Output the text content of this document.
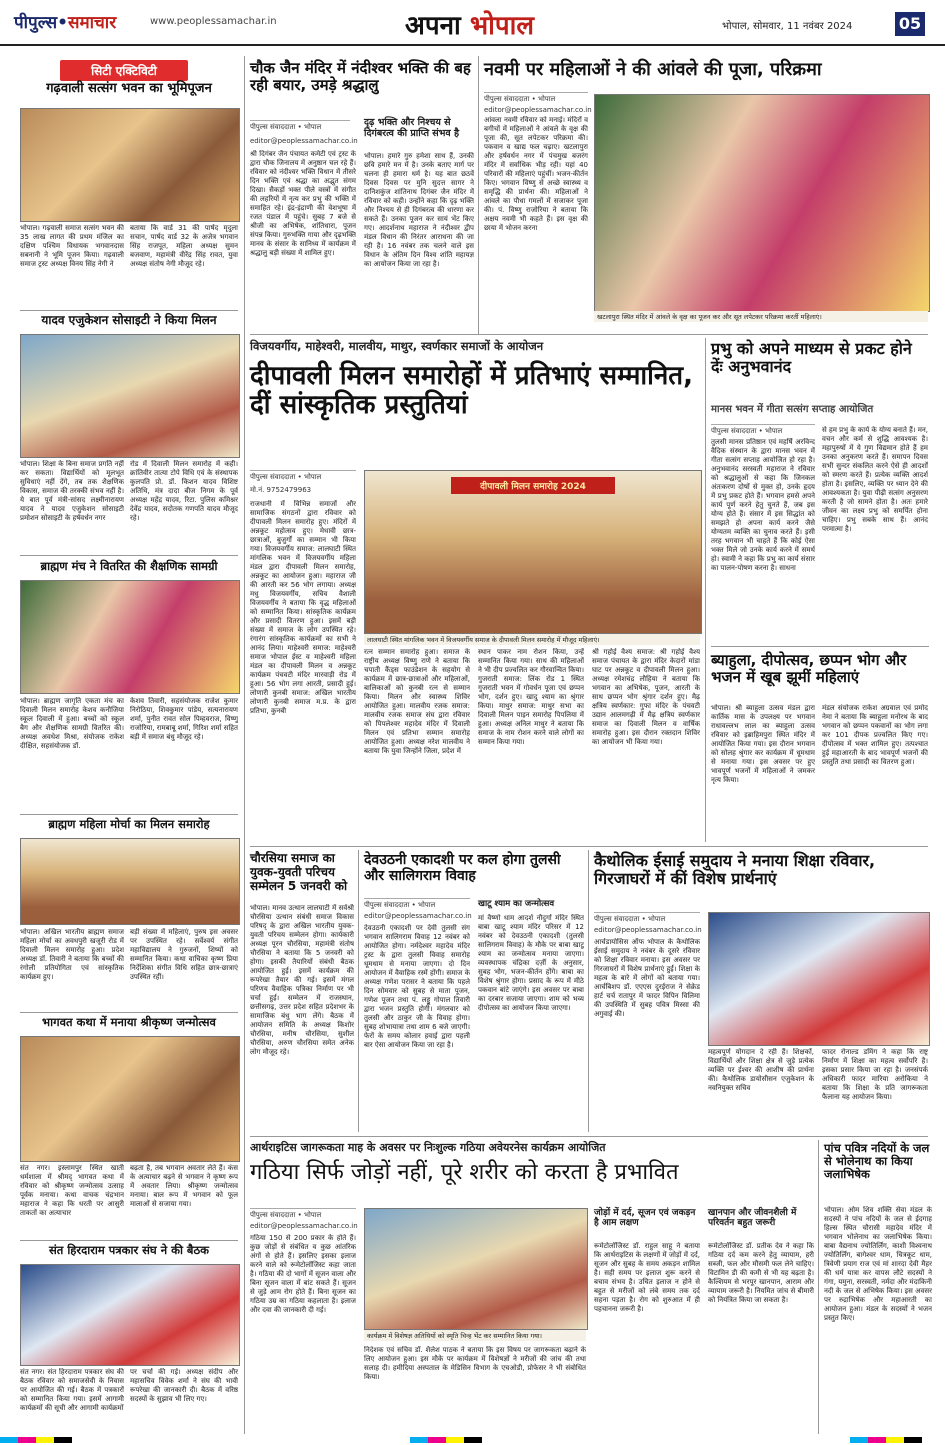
पीपुल्स•समाचार	www.peoplessamachar.in	अपना भोपाल	भोपाल, सोमवार, 11 नवंबर 2024	05
सिटी एक्टिविटी
गढ़वाली सत्संग भवन का भूमिपूजन
भोपाल। गढ़वाली समाज सत्संग भवन की 35 लाख लागत की प्रथम मंजिल का दक्षिण पश्चिम विधायक भगवानदास सबनानी ने भूमि पूजन किया। गढ़वाली समाज ट्रस्ट अध्यक्ष विनय सिंह नेगी ने
बताया कि वार्ड 31 की पार्षद मृदुला सचान, पार्षद वार्ड 32 के अजेत्र भगवान सिंह राजपूत, महिला अध्यक्ष सुमन बजवाण, महामंत्री वीरेंद्र सिंह रावत, युवा अध्यक्ष संतोष नेगी मौजूद रहे।
यादव एजुकेशन सोसाइटी ने किया मिलन
भोपाल। शिक्षा के बिना समाज प्रगति नहीं कर सकता। विद्यार्थियों को मूलभूत सुविधाएं नहीं देंगे, तब तक शैक्षणिक विकास, समाज की तरक्की संभव नहीं है। ये बात पूर्व मंत्री-सांसद लक्ष्मीनारायण यादव ने यादव एजुकेशन सोसाइटी प्रमोशन सोसाइटी के हर्षवर्धन नगर
रोड में दिवाली मिलन समारोह में कही। क्रांतिवीर तात्या टोपे विधि एवं के संस्थापक कुलपति प्रो. डॉ. किशन यादव विशिष्ट अतिथि, मंत्र दादा बीज निगम के पूर्व अध्यक्ष महेंद्र यादव, रिटा. पुलिस कमिश्नर देवेंद्र यादव, सदोतक गणपति यादव मौजूद रहे।
ब्राह्मण मंच ने वितरित की शैक्षणिक सामग्री
भोपाल। ब्राह्मण जागृति एकता मंच का दिवाली मिलन समारोह केशव कनौजिया स्कूल दिवाली में हुआ। बच्चों को स्कूल बैग और शैक्षणिक सामग्री वितरित की। अध्यक्ष अवधेश मिश्रा, संयोजक राकेश दीक्षित, सहसंयोजक डॉ.
केशव तिवारी, सहसंयोजक राजेश कुमार निरोठिया, शिवकुमार पांडेय, सत्यनारायण शर्मा, पुनीत रावत सोल पिम्हवराज, विष्णु राजोरिया, रामबाबू शर्मा, गिरिश शर्मा सहित बड़ी में समाज बंधु मौजूद रहे।
ब्राह्मण महिला मोर्चा का मिलन समारोह
भोपाल। अखिल भारतीय ब्राह्मण समाज महिला मोर्चा का अवधपुरी खजूरी रोड में दिवाली मिलन समारोह हुआ। प्रदेश अध्यक्ष डॉ. तिवारी ने बताया कि बच्चों की रंगोली प्रतियोगिता एवं सांस्कृतिक कार्यक्रम हुए।
बड़ी संख्या में महिलाएं, पुरुष इस अवसर पर उपस्थित रहे। सर्वेश्वर्य संगीत महाविद्यालय ने गुरुजनों, शिष्यों को सम्मानित किया। कथा वाचिका कृष्ण प्रिया निर्देशिका संगीत विधि सहित छात्र-छात्राएं उपस्थित रहीं।
भागवत कथा में मनाया श्रीकृष्ण जन्मोत्सव
संत नगर। इस्लामपुर स्थित खाती धर्मशाला में श्रीमद् भागवत कथा में रविवार को श्रीकृष्ण जन्मोत्सव उत्साह पूर्वक मनाया। कथा वाचक चंद्रभान महाराज ने कहा कि धरती पर आसुरी ताकतों का अत्याचार
बढ़ता है, तब भगवान अवतार लेते हैं। कंस के अत्याचार बढ़ने से भगवान ने कृष्ण रूप में अवतार लिया। श्रीकृष्ण जन्मोत्सव मनाया। बाल रूप में भगवान को फूल मालाओं से सजाया गया।
संत हिरदाराम पत्रकार संघ ने की बैठक
संत नगर। संत हिरदाराम पत्रकार संघ की बैठक रविवार को समाजसेवी के निवास पर आयोजित की गई। बैठक में पत्रकारों को सम्मानित किया गया। इसमें आगामी कार्यक्रमों की सूची और आगामी कार्यक्रमों
पर चर्चा की गई। अध्यक्ष संदीप और महासचिव विवेक शर्मा ने संघ की भावी रूपरेखा की जानकारी दी। बैठक में वरिष्ठ सदस्यों के सुझाव भी लिए गए।
चौक जैन मंदिर में नंदीश्वर भक्ति की बह रही बयार, उमड़े श्रद्धालु
पीपुल्स संवाददाता • भोपाल
editor@peoplessamachar.co.in
दृढ़ भक्ति और निश्चय से दिगंबरत्व की प्राप्ति संभव है
श्री दिगंबर जैन पंचायत कमेटी एवं ट्रस्ट के द्वारा चौक जिनालय में अनुष्ठान चल रहे हैं। रविवार को नंदीश्वर भक्ति विधान में तीसरे दिन भक्ति एवं श्रद्धा का अद्भुत संगम दिखा। सैकड़ों भक्त पीले वस्त्रों में संगीत की लहरियों में नृत्य कर प्रभु की भक्ति में समाहित रहे। इंद्र-इंद्राणी की वेशभूषा में रजत पंडाल में पहुंचे। सुबह 7 बजे से श्रीजी का अभिषेक, शांतिधारा, पूजन संपन्न किया। गुरुभक्ति गाया और दृढ़भक्ति मानव के संसार के सानिध्य में कार्यक्रम में श्रद्धालु बड़ी संख्या में शामिल हुए।
भोपाल। हमारे गुरु हमेशा साथ हैं, उनकी छवि हमारे मन में है। उनके बताए मार्ग पर चलना ही हमारा धर्म है। यह बात छठवें दिवस दिवस पर मुनि सुदत्त सागर ने दानिशकुंज शांतिनाथ दिगंबर जैन मंदिर में रविवार को कही। उन्होंने कहा कि दृढ़ भक्ति और निश्चय से ही दिगंबरत्व की धारणा कर सकते हैं। उनका पूजन कर सायं भेंट किए गए। आदर्शनाथ महाराज ने नंदीश्वर द्वीप मंडल विधान की निरंतर आराधना की जा रही है। 16 नवंबर तक चलने वाले इस विधान के अंतिम दिन विश्व शांति महायज्ञ का आयोजन किया जा रहा है।
नवमी पर महिलाओं ने की आंवले की पूजा, परिक्रमा
पीपुल्स संवाददाता • भोपाल
editor@peoplessamachar.co.in
आंवला नवमी रविवार को मनाई। मंदिरों व बगीचों में महिलाओं ने आंवले के वृक्ष की पूजा की, सूत लपेटकर परिक्रमा की। पकवान व खाद्य फल चढ़ाए। खटलापुरा और हर्षवर्धन नगर में पंचमुख बजरंग मंदिर में सर्वाधिक भीड़ रही। यहां 40 परिवारों की महिलाएं पहुंचीं। भजन-कीर्तन किए। भगवान विष्णु से अच्छे स्वास्थ्य व समृद्धि की प्रार्थना की। महिलाओं ने आंवले का पौधा गमलों में सजाकर पूजा की। पं. विष्णु राजोरिया ने बताया कि अक्षय नवमी भी कहते हैं। इस वृक्ष की छाया में भोजन करना
खटलापुरा स्थित मंदिर में आंवले के वृक्ष का पूजन कर और सूत लपेटकर परिक्रमा करतीं महिलाएं।
विजयवर्गीय, माहेश्वरी, मालवीय, माथुर, स्वर्णकार समाजों के आयोजन
दीपावली मिलन समारोहों में प्रतिभाएं सम्मानित, दीं सांस्कृतिक प्रस्तुतियां
पीपुल्स संवाददाता • भोपाल
मो.नं. 9752479963
राजधानी में विभिन्न समाजों और सामाजिक संगठनों द्वारा रविवार को दीपावली मिलन समारोह हुए। मंदिरों में अन्नकूट महोत्सव हुए। मेधावी छात्र-छात्राओं, बुजुर्गों का सम्मान भी किया गया। विजयवर्गीय समाज: लालघाटी स्थित मांगलिक भवन में विजयवर्गीय महिला मंडल द्वारा दीपावली मिलन समारोह, अन्नकूट का आयोजन हुआ। महाराज जी की आरती कर 56 भोग लगाया। अध्यक्ष मधु विजयवर्गीय, सचिव वैशाली विजयवर्गीय ने बताया कि वृद्ध महिलाओं को सम्मानित किया। सांस्कृतिक कार्यक्रम और प्रसादी वितरण हुआ। इसमें बड़ी संख्या में समाज के लोग उपस्थित रहे। रंगारंग सांस्कृतिक कार्यक्रमों का सभी ने आनंद लिया। माहेश्वरी समाज: माहेश्वरी समाज भोपाल ईस्ट व माहेश्वरी महिला मंडल का दीपावली मिलन व अन्नकूट कार्यक्रम पंचवटी मंदिर मारवाड़ी रोड में हुआ। 56 भोग लगा आरती, प्रसादी हुई। लोणारी कुनबी समाज: अखिल भारतीय लोणारी कुनबी समाज म.प्र. के द्वारा प्रतिभा, कुनबी
दीपावली मिलन समारोह 2024
लालघाटी स्थित मांगलिक भवन में विजयवर्गीय समाज के दीपावली मिलन समारोह में मौजूद महिलाएं।
रत्न सम्मान समारोह हुआ। समाज के राष्ट्रीय अध्यक्ष विष्णु राणे ने बताया कि चपाती कैंड्स फाउंडेशन के सहयोग से कार्यक्रम में छात्र-छात्राओं और महिलाओं, बालिकाओं को कुनबी रत्न से सम्मान किया। मिलन और स्वास्थ्य शिविर आयोजित हुआ। मालवीय रजक समाज: मालवीय रजक समाज संघ द्वारा रविवार को पिपलेश्वर महादेव मंदिर में दिवाली मिलन एवं प्रतिभा सम्मान समारोह आयोजित हुआ। अध्यक्ष नरेश मालवीय ने बताया कि युवा जिन्होंने जिला, प्रदेश में
स्थान पाकर नाम रोशन किया, उन्हें सम्मानित किया गया। साथ की महिलाओं ने भी दीप प्रज्वलित कर गौरवान्वित किया। गुजराती समाज: लिंक रोड 1 स्थित गुजराती भवन में गोवर्धन पूजा एवं छप्पन भोग, दर्शन हुए। खादु श्याम का श्रृंगार किया। माथुर समाज: माथुर सभा का दिवाली मिलन पाइन समारोह पिपलिया में हुआ। अध्यक्ष अनिल माथुर ने बताया कि समाज के नाम रोशन करने वाले लोगों का सम्मान किया गया।
श्री गहोई वैश्य समाज: श्री गहोई वैश्य समाज पंचायत के द्वारा मंदिर केदारों मांडा घाट पर अन्नकूट व दीपावली मिलन हुआ। अध्यक्ष रमेशचंद्र लौहिया ने बताया कि भगवान का अभिषेक, पूजन, आरती के साथ छप्पन भोग श्रृंगार दर्शन हुए। मैढ़ क्षत्रिय स्वर्णकार: गुफा मंदिर के पंचवटी उद्यान आलमगढ़ी में मैढ़ क्षत्रिय स्वर्णकार समाज का दिवाली मिलन व वार्षिक समारोह हुआ। इस दौरान रक्तदान शिविर का आयोजन भी किया गया।
प्रभु को अपने माध्यम से प्रकट होने देंः अनुभवानंद
मानस भवन में गीता सत्संग सप्ताह आयोजित
पीपुल्स संवाददाता • भोपाल
तुलसी मानस प्रतिष्ठान एवं महर्षि अरविन्द वैदिक संस्थान के द्वारा मानस भवन में गीता सत्संग सप्ताह आयोजित हो रहा है। अनुभवानंद सरस्वती महाराज ने रविवार को श्रद्धालुओं से कहा कि जिनकल अंतःकरण दोषों से मुक्त हो, उनके हृदय में प्रभु प्रकट होते हैं। भगवान हमसे अपने कार्य पूर्ण करने हेतु चुनते हैं, जब इस योग्य होते हैं। संसार में इस सिद्धांत को समझते हो अपना कार्य करने जैसे योग्यतम व्यक्ति का चुनाव करते हैं। इसी तरह भगवान भी चाहते हैं कि कोई ऐसा भक्त मिले जो उनके कार्य करने में समर्थ हो। स्वामी ने कहा कि प्रभु का कार्य संसार का पालन-पोषण करना है। साधना
से हम प्रभु के कार्य के योग्य बनाते हैं। मन, वचन और कर्म से शुद्धि आवश्यक है। महापुरुषों में ये गुण विद्यमान होते हैं हम उनका अनुकरण करते हैं। समापन दिवस सभी सुन्दर संकलित करने ऐसे ही आदर्शों को स्मरण करते हैं। प्रत्येक व्यक्ति आदर्श होता है। इसलिए, व्यक्ति पर ध्यान देने की आवश्यकता है। युवा पीढ़ी सत्संग अनुसरण करती है जो सामने होता है। अतः हमारे जीवन का लक्ष्य प्रभु को समर्पित होना चाहिए। प्रभु सबके साथ हैं। आनंद परमात्मा है।
ब्याहुला, दीपोत्सव, छप्पन भोग और भजन में खूब झूमीं महिलाएं
भोपाल। श्री ब्याहुला उत्सव मंडल द्वारा कार्तिक मास के उपलक्ष्य पर भगवान राधावल्लभ लाल का ब्याहुला उत्सव रविवार को इब्राहिमपुरा स्थित मंदिर में आयोजित किया गया। इस दौरान भगवान को सोलह श्रृंगार कर कार्यक्रम में धूमधाम से मनाया गया। इस अवसर पर हुए भावपूर्ण भजनों में महिलाओं ने जमकर नृत्य किया।
मंडल संयोजक राकेश अग्रवाल एवं प्रमोद नेमा ने बताया कि ब्याहुला मनोरथ के बाद भगवान को छप्पन पकवानों का भोग लगा कर 101 दीपक प्रज्वलित किए गए। दीपोत्सव में भक्त शामिल हुए। तत्पश्चात हुई महाआरती के बाद भावपूर्ण भजनों की प्रस्तुति तथा प्रसादी का वितरण हुआ।
चौरसिया समाज का युवक-युवती परिचय सम्मेलन 5 जनवरी को
भोपाल। मानव उत्थान लालघाटी में सर्वश्री चौरसिया उत्थान संबंधी समाज विकास परिषद् के द्वारा अखिल भारतीय युवक-युवती परिचय सम्मेलन होगा। कार्यकारी अध्यक्ष पूरन चौरसिया, महामंत्री संतोष चौरसिया ने बताया कि 5 जनवरी को होगा। इसकी तैयारियों संबंधी बैठक आयोजित हुई। इसमें कार्यक्रम की रूपरेखा तैयार की गई। इसमें मंगल परिणय वैवाहिक पत्रिका निर्माण पर भी चर्चा हुई। सम्मेलन में राजस्थान, छत्तीसगढ़, उत्तर प्रदेश सहित प्रदेशभर के सामाजिक बंधु भाग लेंगे। बैठक में आयोजन समिति के अध्यक्ष किशोर चौरसिया, मनीष चौरसिया, सुशील चौरसिया, अरुण चौरसिया समेत अनेक लोग मौजूद रहे।
देवउठनी एकादशी पर कल होगा तुलसी और सालिगराम विवाह
पीपुल्स संवाददाता • भोपाल
editor@peoplessamachar.co.in
देवउठनी एकादशी पर देवी तुलसी संग भगवान सालिगराम विवाह 12 नवंबर को आयोजित होगा। नर्मदेश्वर महादेव मंदिर ट्रस्ट के द्वारा तुलसी विवाह समारोह धूमधाम से मनाया जाएगा। दो दिन आयोजन में वैवाहिक रस्में होंगी। समाज के अध्यक्ष गणेश परासर ने बताया कि पहले दिन सोमवार को सुबह से माता पूजन, गणेश पूजन तथा पं. लड्डू गोपाल तिवारी द्वारा भजन प्रस्तुति होगी। मंगलवार को तुलसी और ठाकुर जी के विवाह होगा। सुबह शोभायात्रा तथा शाम 6 बजे जाएगी। फेरों के समय कोलार हवाई द्वारा पहली बार ऐसा आयोजन किया जा रहा है।
खाटू श्याम का जन्मोत्सव
मां वैष्णो धाम आदर्श नौदुर्गा मंदिर स्थित बाबा खाटू श्याम मंदिर परिसर में 12 नवंबर को देवउठनी एकादशी (तुलसी सालिगराम विवाह) के मौके पर बाबा खाटू श्याम का जन्मोत्सव मनाया जाएगा। व्यवस्थापक चंद्रिका दर्ज़ी के अनुसार, सुबह भोग, भजन-कीर्तन होंगे। बाबा का विशेष श्रृंगार होगा। प्रसाद के रूप में मीठे पकवान बांटे जाएंगे। इस अवसर पर बाबा का दरबार सजाया जाएगा। शाम को भव्य दीपोत्सव का आयोजन किया जाएगा।
कैथोलिक ईसाई समुदाय ने मनाया शिक्षा रविवार, गिरजाघरों में कीं विशेष प्रार्थनाएं
पीपुल्स संवाददाता • भोपाल
editor@peoplessamachar.co.in
आर्चडायोसिस ऑफ भोपाल के कैथोलिक ईसाई समुदाय ने नवंबर के दूसरे रविवार को शिक्षा रविवार मनाया। इस अवसर पर गिरजाघरों में विशेष प्रार्थनाएं हुईं। शिक्षा के महत्व के बारे में लोगों को बताया गया। आर्चबिशप डॉ. एएएस दुरईराज ने सेक्रेड हार्ट चर्च रातापुर में फादर विपिन विलिमा की उपस्थिति में सुबह पवित्र मिस्सा की अगुवाई की।
महत्वपूर्ण योगदान दे रही हैं। शिक्षकों, विद्यार्थियों और शिक्षा क्षेत्र से जुड़े प्रत्येक व्यक्ति पर ईश्वर की आशीष की प्रार्थना की। कैथोलिक डायोसीसन एजुकेशन के नवनियुक्त सचिव
फादर रोनाल्ड डमिंग ने कहा कि राष्ट्र निर्माण में शिक्षा का महत्व सर्वोपरि है। इसका प्रसार किया जा रहा है। जनसंपर्क अधिकारी फादर मारिया अरोकिया ने बताया कि शिक्षा के प्रति जागरूकता फैलाना यह आयोजन किया।
आर्थराइटिस जागरूकता माह के अवसर पर निःशुल्क गठिया अवेयरनेस कार्यक्रम आयोजित
गठिया सिर्फ जोड़ों नहीं, पूरे शरीर को करता है प्रभावित
पीपुल्स संवाददाता • भोपाल
editor@peoplessamachar.co.in
गठिया 150 से 200 प्रकार के होते हैं। कुछ जोड़ों से संबंधित व कुछ आंतरिक अंगों से होते हैं। इसलिए इसका इलाज करने वाले को रूमेटोलॉजिस्ट कहा जाता है। गठिया की दो भागों में सूजन वाला और बिना सूजन वाला में बांट सकते हैं। सूजन से जुड़े आम रोग होते हैं। बिना सूजन का गठिया उम्र का गठिया कहलाता है। इलाज और दवा की जानकारी दी गई।
कार्यक्रम में विशेषज्ञ अतिथियों को स्मृति चिन्ह भेंट कर सम्मानित किया गया।
निदेशक एवं सचिव डॉ. शैलेश पाठक ने बताया कि इस विषय पर जागरूकता बढ़ाने के लिए आयोजन हुआ। इस मौके पर कार्यक्रम में विशेषज्ञों ने मरीजों की जांच की तथा सलाह दी। हमीदिया अस्पताल के मेडिसिन विभाग के एचओडी, प्रोफेसर ने भी संबोधित किया।
जोड़ों में दर्द, सूजन एवं जकड़न है आम लक्षण
रूमेटोलॉजिस्ट डॉ. राहुल साहू ने बताया कि आर्थराइटिस के लक्षणों में जोड़ों में दर्द, सूजन और सुबह के समय अकड़न शामिल है। सही समय पर इलाज शुरू करने से बचाव संभव है। उचित इलाज न होने से बहुत से मरीजों को लंबे समय तक दर्द सहना पड़ता है। रोग को शुरुआत में ही पहचानना जरूरी है।
खानपान और जीवनशैली में परिवर्तन बहुत जरूरी
रूमेटोलॉजिस्ट डॉ. प्रतीक देव ने कहा कि गठिया दर्द कम करने हेतु व्यायाम, हरी सब्जी, फल और मौसमी फल लेने चाहिए। विटामिन डी की कमी से भी यह बढ़ता है। कैल्शियम से भरपूर खानपान, आराम और व्यायाम जरूरी है। नियमित जांच से बीमारी को नियंत्रित किया जा सकता है।
पांच पवित्र नदियों के जल से भोलेनाथ का किया जलाभिषेक
भोपाल। ओम शिव शक्ति सेवा मंडल के सदस्यों ने पांच नदियों के जल से ईदगाह हिल्स स्थित चौरासी महादेव मंदिर में भगवान भोलेनाथ का जलाभिषेक किया। बाबा वैद्यनाथ ज्योतिर्लिंग, काशी विश्वनाथ ज्योतिर्लिंग, बागेश्वर धाम, चित्रकूट धाम, त्रिवेणी प्रयाग राज एवं मां शारदा देवी मैहर की धर्म यात्रा कर वापस लौटे सदस्यों ने गंगा, यमुना, सरस्वती, नर्मदा और मंदाकिनी नदी के जल से अभिषेक किया। इस अवसर पर रुद्राभिषेक और महाआरती का आयोजन हुआ। मंडल के सदस्यों ने भजन प्रस्तुत किए।
